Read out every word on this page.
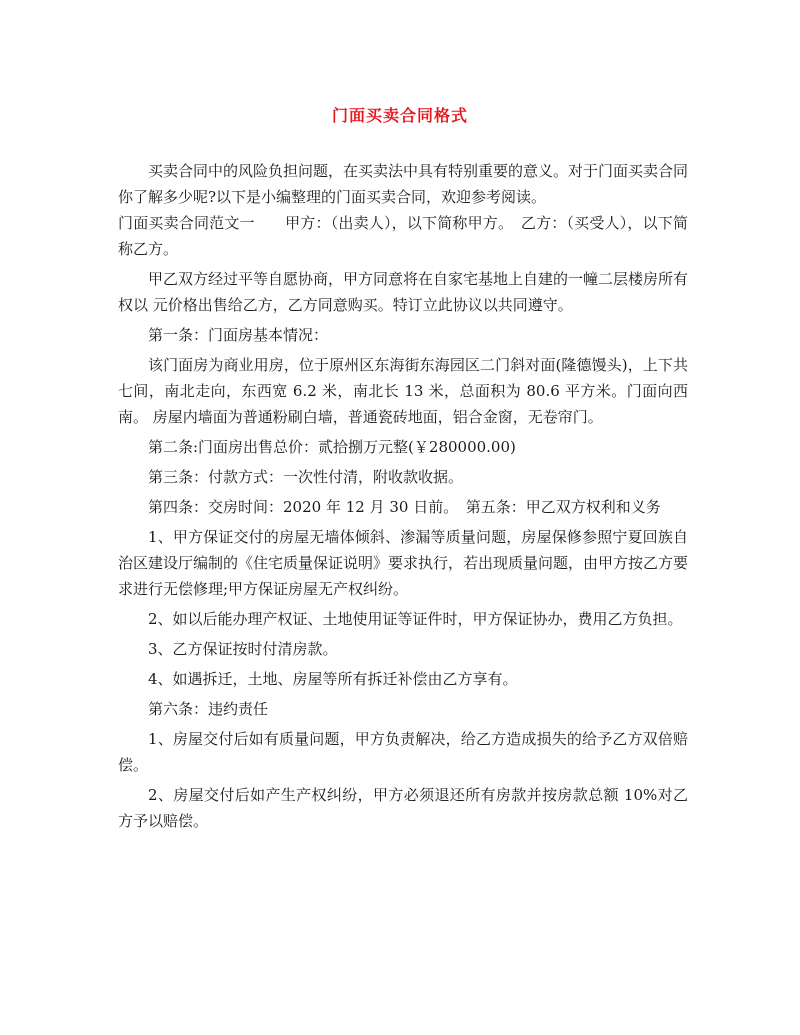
门面买卖合同格式

买卖合同中的风险负担问题，在买卖法中具有特别重要的意义。对于门面买卖合同你了解多少呢?以下是小编整理的门面买卖合同，欢迎参考阅读。

门面买卖合同范文一　　甲方：（出卖人），以下简称甲方。　乙方：（买受人），以下简称乙方。

甲乙双方经过平等自愿协商，甲方同意将在自家宅基地上自建的一幢二层楼房所有权以 元价格出售给乙方，乙方同意购买。特订立此协议以共同遵守。

第一条：门面房基本情况：

该门面房为商业用房，位于原州区东海街东海园区二门斜对面(隆德馒头)，上下共七间，南北走向，东西宽 6.2 米，南北长 13 米，总面积为 80.6 平方米。门面向西南。 房屋内墙面为普通粉刷白墙，普通瓷砖地面，铝合金窗，无卷帘门。

第二条:门面房出售总价：贰拾捌万元整(￥280000.00)

第三条：付款方式：一次性付清，附收款收据。

第四条：交房时间：2020 年 12 月 30 日前。　第五条：甲乙双方权利和义务

1、甲方保证交付的房屋无墙体倾斜、渗漏等质量问题，房屋保修参照宁夏回族自治区建设厅编制的《住宅质量保证说明》要求执行，若出现质量问题，由甲方按乙方要求进行无偿修理;甲方保证房屋无产权纠纷。

2、如以后能办理产权证、土地使用证等证件时，甲方保证协办，费用乙方负担。

3、乙方保证按时付清房款。

4、如遇拆迁，土地、房屋等所有拆迁补偿由乙方享有。

第六条：违约责任

1、房屋交付后如有质量问题，甲方负责解决，给乙方造成损失的给予乙方双倍赔偿。

2、房屋交付后如产生产权纠纷，甲方必须退还所有房款并按房款总额 10%对乙方予以赔偿。
